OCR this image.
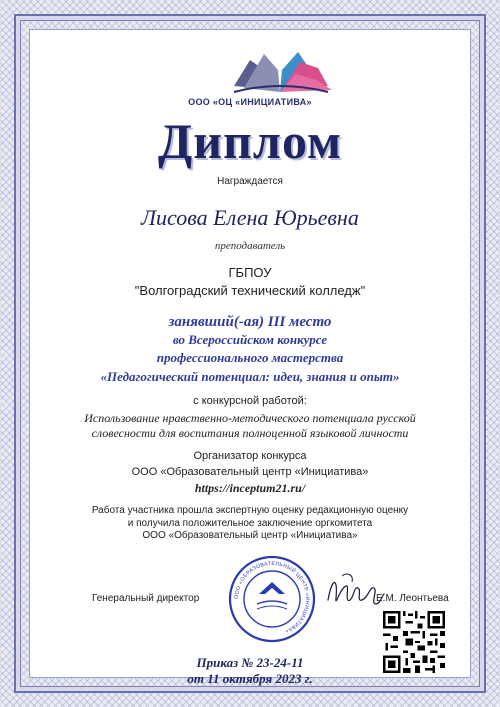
ООО «ОЦ «ИНИЦИАТИВА»
Диплом
Награждается
Лисова Елена Юрьевна
преподаватель
ГБПОУ
"Волгоградский технический колледж"
занявший(-ая) III место
во Всероссийском конкурсе
профессионального мастерства
«Педагогический потенциал: идеи, знания и опыт»
с конкурсной работой:
Использование нравственно-методического потенциала русской
словесности для воспитания полноценной языковой личности
Организатор конкурса
ООО «Образовательный центр «Инициатива»
https://inceptum21.ru/
Работа участника прошла экспертную оценку редакционную оценку
и получила положительное заключение оргкомитета
ООО «Образовательный центр «Инициатива»
Генеральный директор	ООО «ОБРАЗОВАТЕЛЬНЫЙ ЦЕНТР «ИНИЦИАТИВА»
Е.М. Леонтьева
Приказ № 23-24-11
от 11 октября 2023 г.
